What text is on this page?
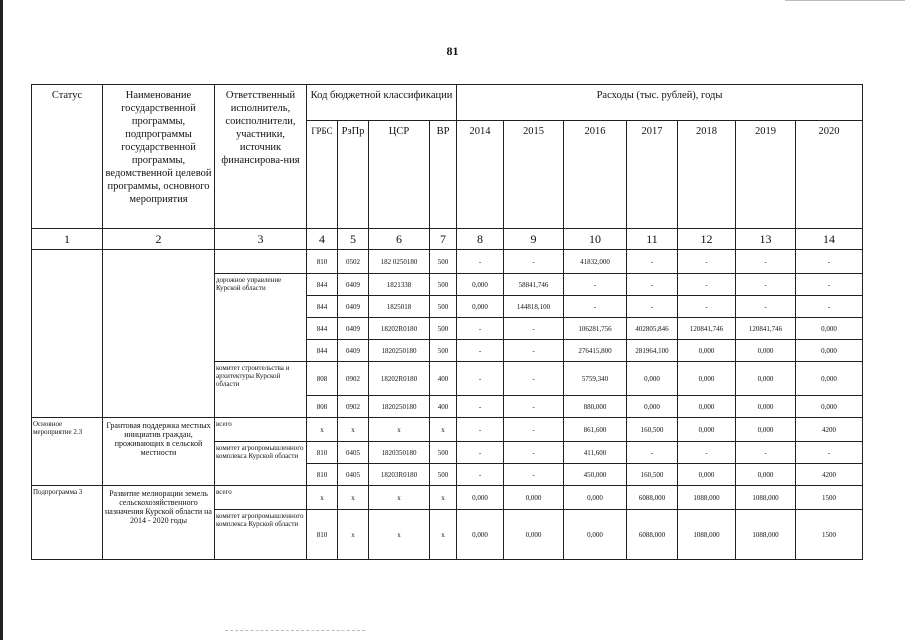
81
Статус	Наименование государственной программы, подпрограммы государственной программы, ведомственной целевой программы, основного мероприятия	Ответственный исполнитель, соисполнители, участники, источник финансирова-ния	Код бюджетной классификации				Расходы (тыс. рублей), годы						
			ГРБС	РзПр	ЦСР	ВР	2014	2015	2016	2017	2018	2019	2020
1	2	3	4	5	6	7	8	9	10	11	12	13	14
			810	0502	182 0250180	500	-	-	41832,000	-	-	-	-
		дорожное управление Курской области	844	0409	1821338	500	0,000	58841,746	-	-	-	-	-
			844	0409	1825018	500	0,000	144818,100	-	-	-	-	-
			844	0409	18202R0180	500	-	-	106281,756	402805,846	120841,746	120841,746	0,000
			844	0409	1820250180	500	-	-	276415,800	281964,100	0,000	0,000	0,000
		комитет строительства и архитектуры Курской области	808	0902	18202R0180	400	-	-	5759,340	0,000	0,000	0,000	0,000
			808	0902	1820250180	400	-	-	880,000	0,000	0,000	0,000	0,000
Основное мероприятие 2.3	Грантовая поддержка местных инициатив граждан, проживающих в сельской местности	всего	х	х	х	х	-	-	861,600	160,500	0,000	0,000	4200
		комитет агропромышленного комплекса Курской области	810	0405	1820350180	500	-	-	411,600	-	-	-	-
			810	0405	18203R0180	500	-	-	450,000	160,500	0,000	0,000	4200
Подпрограмма 3	Развитие мелиорации земель сельскохозяйственного назначения Курской области на 2014 - 2020 годы	всего	х	х	х	х	0,000	0,000	0,000	6088,000	1088,000	1088,000	1500
		комитет агропромышленного комплекса Курской области	810	х	х	х	0,000	0,000	0,000	6088,000	1088,000	1088,000	1500
